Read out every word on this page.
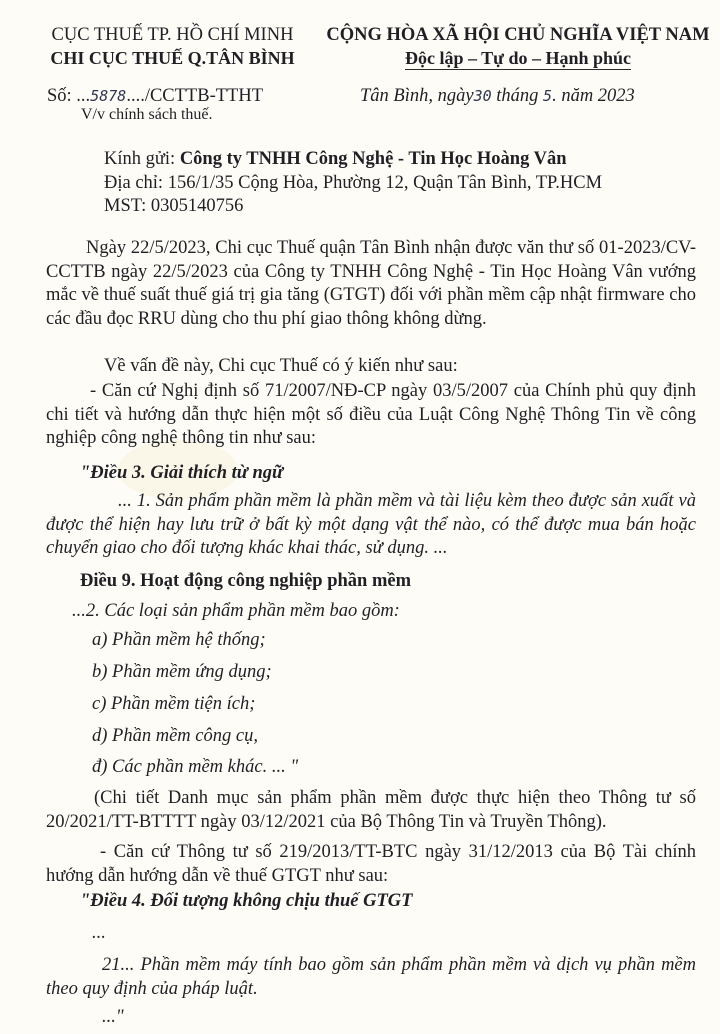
CỤC THUẾ TP. HỒ CHÍ MINH
CHI CỤC THUẾ Q.TÂN BÌNH
CỘNG HÒA XÃ HỘI CHỦ NGHĨA VIỆT NAM
Độc lập – Tự do – Hạnh phúc
Số: ...5878..../CCTTB-TTHT	Tân Bình, ngày30 tháng 5. năm 2023
V/v chính sách thuế.
Kính gửi: Công ty TNHH Công Nghệ - Tin Học Hoàng Vân
Địa chỉ: 156/1/35 Cộng Hòa, Phường 12, Quận Tân Bình, TP.HCM
MST: 0305140756
Ngày 22/5/2023, Chi cục Thuế quận Tân Bình nhận được văn thư số 01-2023/CV-CCTTB ngày 22/5/2023 của Công ty TNHH Công Nghệ - Tin Học Hoàng Vân vướng mắc về thuế suất thuế giá trị gia tăng (GTGT) đối với phần mềm cập nhật firmware cho các đầu đọc RRU dùng cho thu phí giao thông không dừng.
Về vấn đề này, Chi cục Thuế có ý kiến như sau:
- Căn cứ Nghị định số 71/2007/NĐ-CP ngày 03/5/2007 của Chính phủ quy định chi tiết và hướng dẫn thực hiện một số điều của Luật Công Nghệ Thông Tin về công nghiệp công nghệ thông tin như sau:
"Điều 3. Giải thích từ ngữ
... 1. Sản phẩm phần mềm là phần mềm và tài liệu kèm theo được sản xuất và được thể hiện hay lưu trữ ở bất kỳ một dạng vật thể nào, có thể được mua bán hoặc chuyển giao cho đối tượng khác khai thác, sử dụng. ...
Điều 9. Hoạt động công nghiệp phần mềm
...2. Các loại sản phẩm phần mềm bao gồm:
a) Phần mềm hệ thống;
b) Phần mềm ứng dụng;
c) Phần mềm tiện ích;
d) Phần mềm công cụ,
đ) Các phần mềm khác. ... "
(Chi tiết Danh mục sản phẩm phần mềm được thực hiện theo Thông tư số 20/2021/TT-BTTTT ngày 03/12/2021 của Bộ Thông Tin và Truyền Thông).
- Căn cứ Thông tư số 219/2013/TT-BTC ngày 31/12/2013 của Bộ Tài chính hướng dẫn hướng dẫn về thuế GTGT như sau:
"Điều 4. Đối tượng không chịu thuế GTGT
...
21... Phần mềm máy tính bao gồm sản phẩm phần mềm và dịch vụ phần mềm theo quy định của pháp luật.
..."
